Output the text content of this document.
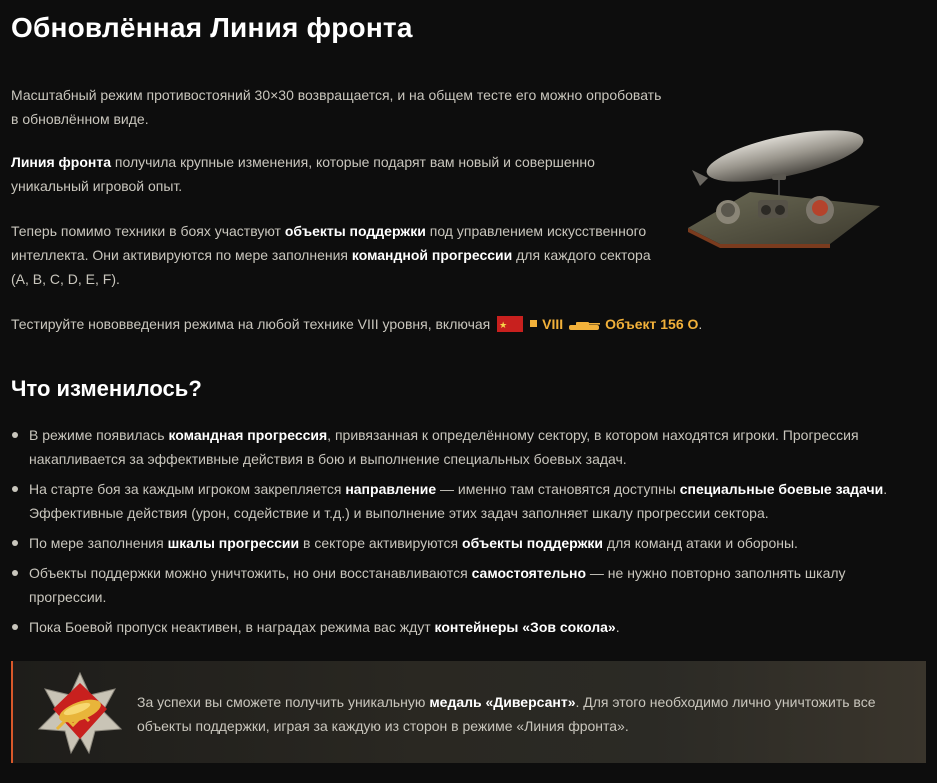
Обновлённая Линия фронта

Масштабный режим противостояний 30×30 возвращается, и на общем тесте его можно опробовать в обновлённом виде.

Линия фронта получила крупные изменения, которые подарят вам новый и совершенно уникальный игровой опыт.

Теперь помимо техники в боях участвуют объекты поддержки под управлением искусственного интеллекта. Они активируются по мере заполнения командной прогрессии для каждого сектора (A, B, C, D, E, F).

Тестируйте нововведения режима на любой технике VIII уровня, включая ★	VIII	Объект 156 О.

Что изменилось?
В режиме появилась командная прогрессия, привязанная к определённому сектору, в котором находятся игроки. Прогрессия накапливается за эффективные действия в бою и выполнение специальных боевых задач.
На старте боя за каждым игроком закрепляется направление — именно там становятся доступны специальные боевые задачи. Эффективные действия (урон, содействие и т.д.) и выполнение этих задач заполняет шкалу прогрессии сектора.
По мере заполнения шкалы прогрессии в секторе активируются объекты поддержки для команд атаки и обороны.
Объекты поддержки можно уничтожить, но они восстанавливаются самостоятельно — не нужно повторно заполнять шкалу прогрессии.
Пока Боевой пропуск неактивен, в наградах режима вас ждут контейнеры «Зов сокола».
За успехи вы сможете получить уникальную медаль «Диверсант». Для этого необходимо лично уничтожить все объекты поддержки, играя за каждую из сторон в режиме «Линия фронта».
